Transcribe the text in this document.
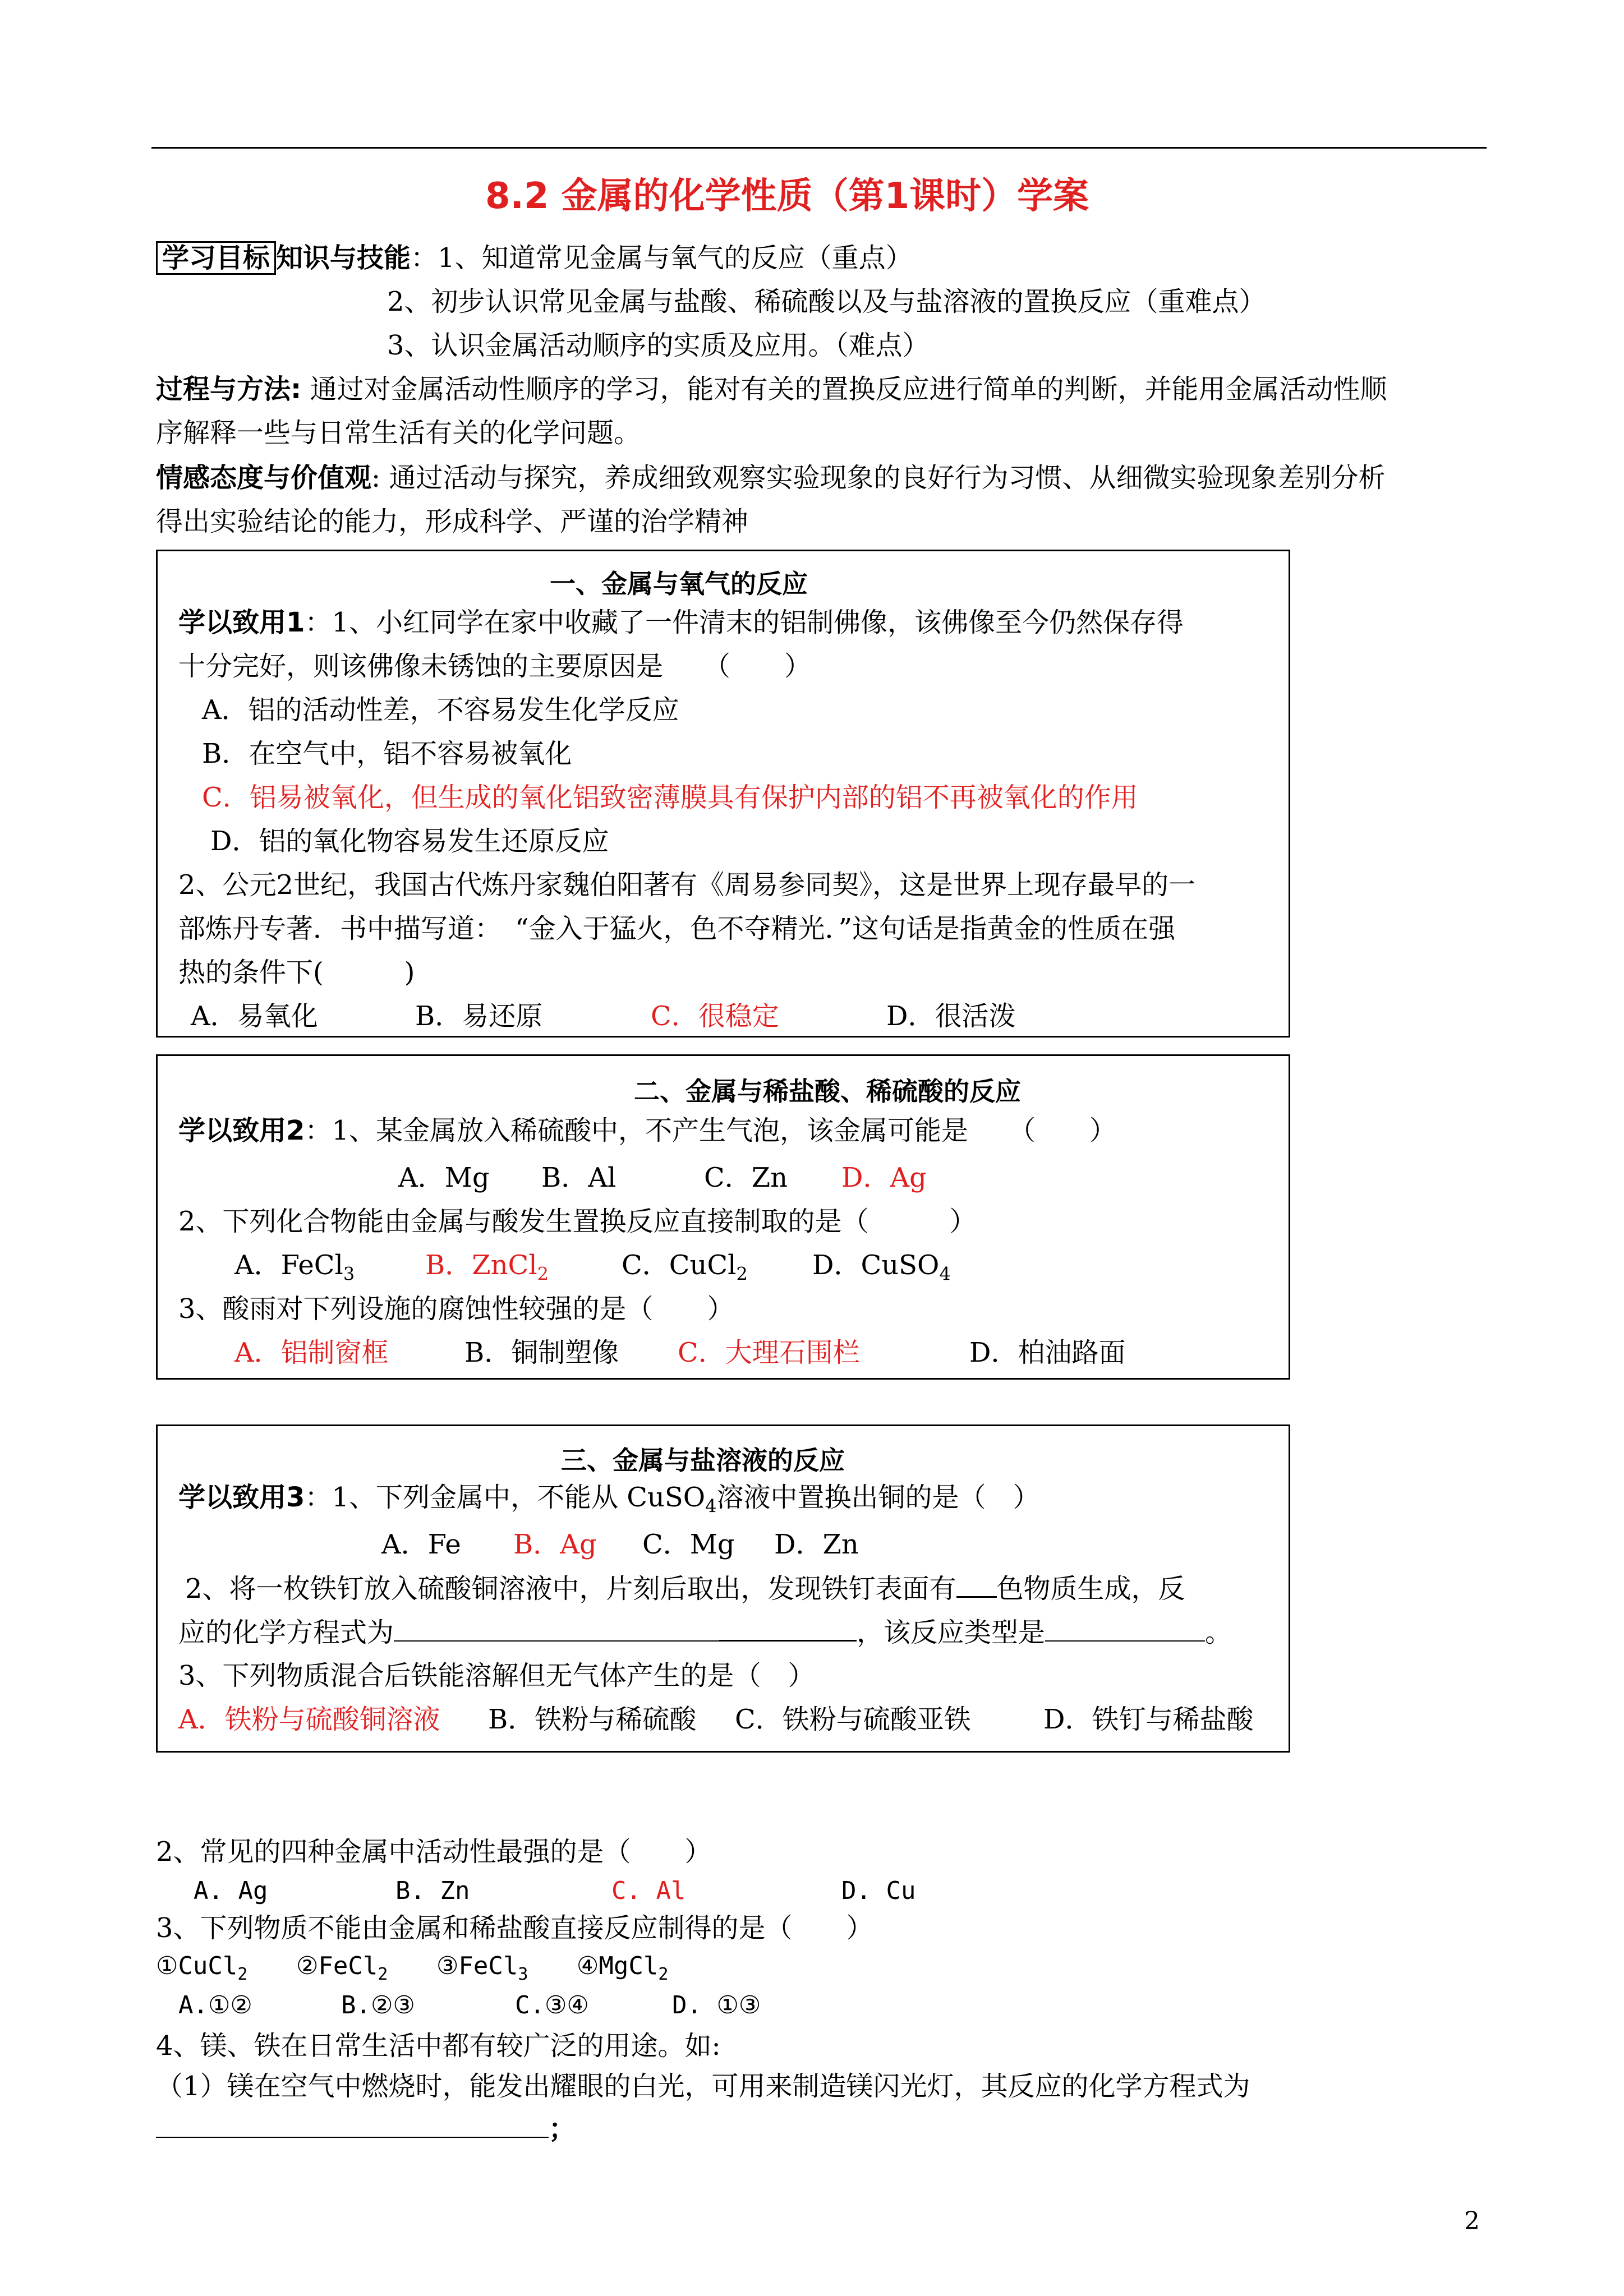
8.2 金属的化学性质（第1课时）学案
学习目标 知识与技能：1、知道常见金属与氧气的反应（重点）
2、初步认识常见金属与盐酸、稀硫酸以及与盐溶液的置换反应（重难点）
3、认识金属活动顺序的实质及应用。（难点）
过程与方法: 通过对金属活动性顺序的学习，能对有关的置换反应进行简单的判断，并能用金属活动性顺
序解释一些与日常生活有关的化学问题。
情感态度与价值观: 通过活动与探究，养成细致观察实验现象的良好行为习惯、从细微实验现象差别分析
得出实验结论的能力，形成科学、严谨的治学精神
一、金属与氧气的反应
学以致用1：1、小红同学在家中收藏了一件清末的铝制佛像，该佛像至今仍然保存得
十分完好，则该佛像未锈蚀的主要原因是　　（　　）
A．铝的活动性差，不容易发生化学反应
B．在空气中，铝不容易被氧化
C．铝易被氧化，但生成的氧化铝致密薄膜具有保护内部的铝不再被氧化的作用
D．铝的氧化物容易发生还原反应
2、公元2世纪，我国古代炼丹家魏伯阳著有《周易参同契》，这是世界上现存最早的一
部炼丹专著．书中描写道：　“金入于猛火，色不夺精光．”这句话是指黄金的性质在强
热的条件下(　　　)
A．易氧化	B．易还原	C．很稳定	D．很活泼
二、金属与稀盐酸、稀硫酸的反应
学以致用2：1、某金属放入稀硫酸中，不产生气泡，该金属可能是　　（　　）
A．Mg B．Al	C．Zn D．Ag
2、下列化合物能由金属与酸发生置换反应直接制取的是（　　　）
A．FeCl$_3$	B．ZnCl$_2$	C．CuCl$_2$ D．CuSO$_4$
3、酸雨对下列设施的腐蚀性较强的是（　　）
A．铝制窗框	B．铜制塑像 C．大理石围栏	D．柏油路面
三、金属与盐溶液的反应
学以致用3：1、下列金属中，不能从 CuSO$_4$溶液中置换出铜的是（　）
A．Fe B．Ag C．Mg D．Zn
2、将一枚铁钉放入硫酸铜溶液中，片刻后取出，发现铁钉表面有 色物质生成，反
应的化学方程式为	，该反应类型是	。
3、下列物质混合后铁能溶解但无气体产生的是（　）
A．铁粉与硫酸铜溶液 B．铁粉与稀硫酸 C．铁粉与硫酸亚铁	D．铁钉与稀盐酸
2、常见的四种金属中活动性最强的是（　　）
A. Ag	B. Zn	C. Al	D. Cu
3、下列物质不能由金属和稀盐酸直接反应制得的是（　　）
①CuCl$_2$ ②FeCl$_2$ ③FeCl$_3$ ④MgCl$_2$
A.①②	B.②③	C.③④	D. ①③
4、镁、铁在日常生活中都有较广泛的用途。如:
（1）镁在空气中燃烧时，能发出耀眼的白光，可用来制造镁闪光灯，其反应的化学方程式为
；
2
